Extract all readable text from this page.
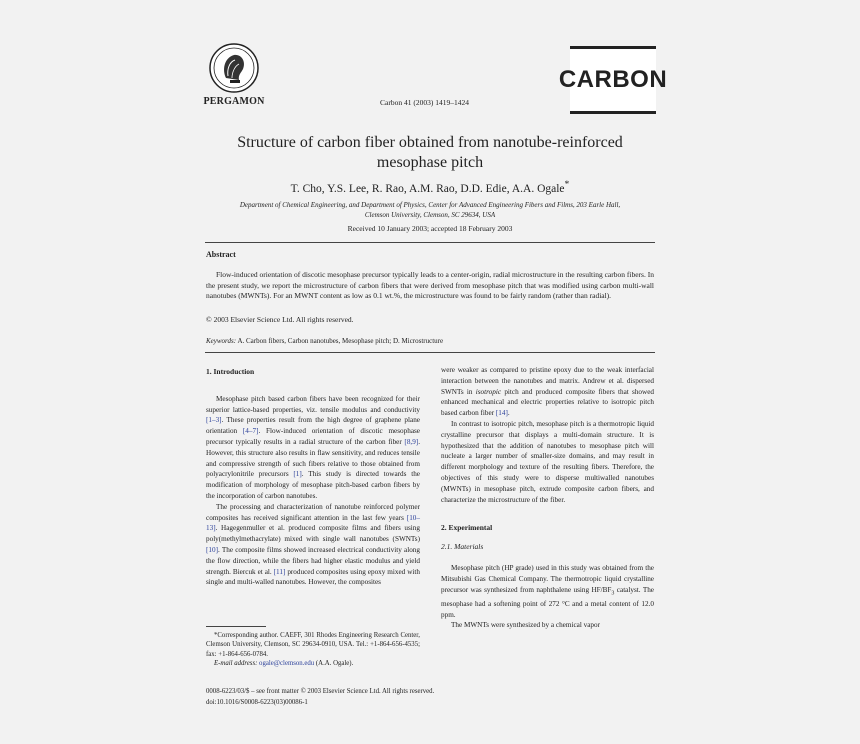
PERGAMON	Carbon 41 (2003) 1419–1424
CARBON
Structure of carbon fiber obtained from nanotube-reinforced
mesophase pitch
T. Cho, Y.S. Lee, R. Rao, A.M. Rao, D.D. Edie, A.A. Ogale*
Department of Chemical Engineering, and Department of Physics, Center for Advanced Engineering Fibers and Films, 203 Earle Hall,
Clemson University, Clemson, SC 29634, USA
Received 10 January 2003; accepted 18 February 2003
Abstract

Flow-induced orientation of discotic mesophase precursor typically leads to a center-origin, radial microstructure in the resulting carbon fibers. In the present study, we report the microstructure of carbon fibers that were derived from mesophase pitch that was modified using carbon multi-wall nanotubes (MWNTs). For an MWNT content as low as 0.1 wt.%, the microstructure was found to be fairly random (rather than radial).

© 2003 Elsevier Science Ltd. All rights reserved.
Keywords: A. Carbon fibers, Carbon nanotubes, Mesophase pitch; D. Microstructure
1. Introduction

Mesophase pitch based carbon fibers have been recognized for their superior lattice-based properties, viz. tensile modulus and conductivity [1–3]. These properties result from the high degree of graphene plane orientation [4–7]. Flow-induced orientation of discotic mesophase precursor typically results in a radial structure of the carbon fiber [8,9]. However, this structure also results in flaw sensitivity, and reduces tensile and compressive strength of such fibers relative to those obtained from polyacrylonitrile precursors [1]. This study is directed towards the modification of morphology of mesophase pitch-based carbon fibers by the incorporation of carbon nanotubes.

The processing and characterization of nanotube reinforced polymer composites has received significant attention in the last few years [10–13]. Hagegenmuller et al. produced composite films and fibers using poly(methylmethacrylate) mixed with single wall nanotubes (SWNTs) [10]. The composite films showed increased electrical conductivity along the flow direction, while the fibers had higher elastic modulus and yield strength. Biercuk et al. [11] produced composites using epoxy mixed with single and multi-walled nanotubes. However, the composites

were weaker as compared to pristine epoxy due to the weak interfacial interaction between the nanotubes and matrix. Andrew et al. dispersed SWNTs in isotropic pitch and produced composite fibers that showed enhanced mechanical and electric properties relative to isotropic pitch based carbon fiber [14].

In contrast to isotropic pitch, mesophase pitch is a thermotropic liquid crystalline precursor that displays a multi-domain structure. It is hypothesized that the addition of nanotubes to mesophase pitch will nucleate a larger number of smaller-size domains, and may result in different morphology and texture of the resulting fibers. Therefore, the objectives of this study were to disperse multiwalled nanotubes (MWNTs) in mesophase pitch, extrude composite carbon fibers, and characterize the microstructure of the fiber.

2. Experimental
2.1. Materials

Mesophase pitch (HP grade) used in this study was obtained from the Mitsubishi Gas Chemical Company. The thermotropic liquid crystalline precursor was synthesized from naphthalene using $HF/BF_3$ catalyst. The mesophase had a softening point of 272 °C and a metal content of 12.0 ppm.

The MWNTs were synthesized by a chemical vapor

*Corresponding author. CAEFF, 301 Rhodes Engineering Research Center, Clemson University, Clemson, SC 29634-0910, USA. Tel.: +1-864-656-4535; fax: +1-864-656-0784.
E-mail address: ogale@clemson.edu (A.A. Ogale).
0008-6223/03/$ – see front matter © 2003 Elsevier Science Ltd. All rights reserved.
doi:10.1016/S0008-6223(03)00086-1
